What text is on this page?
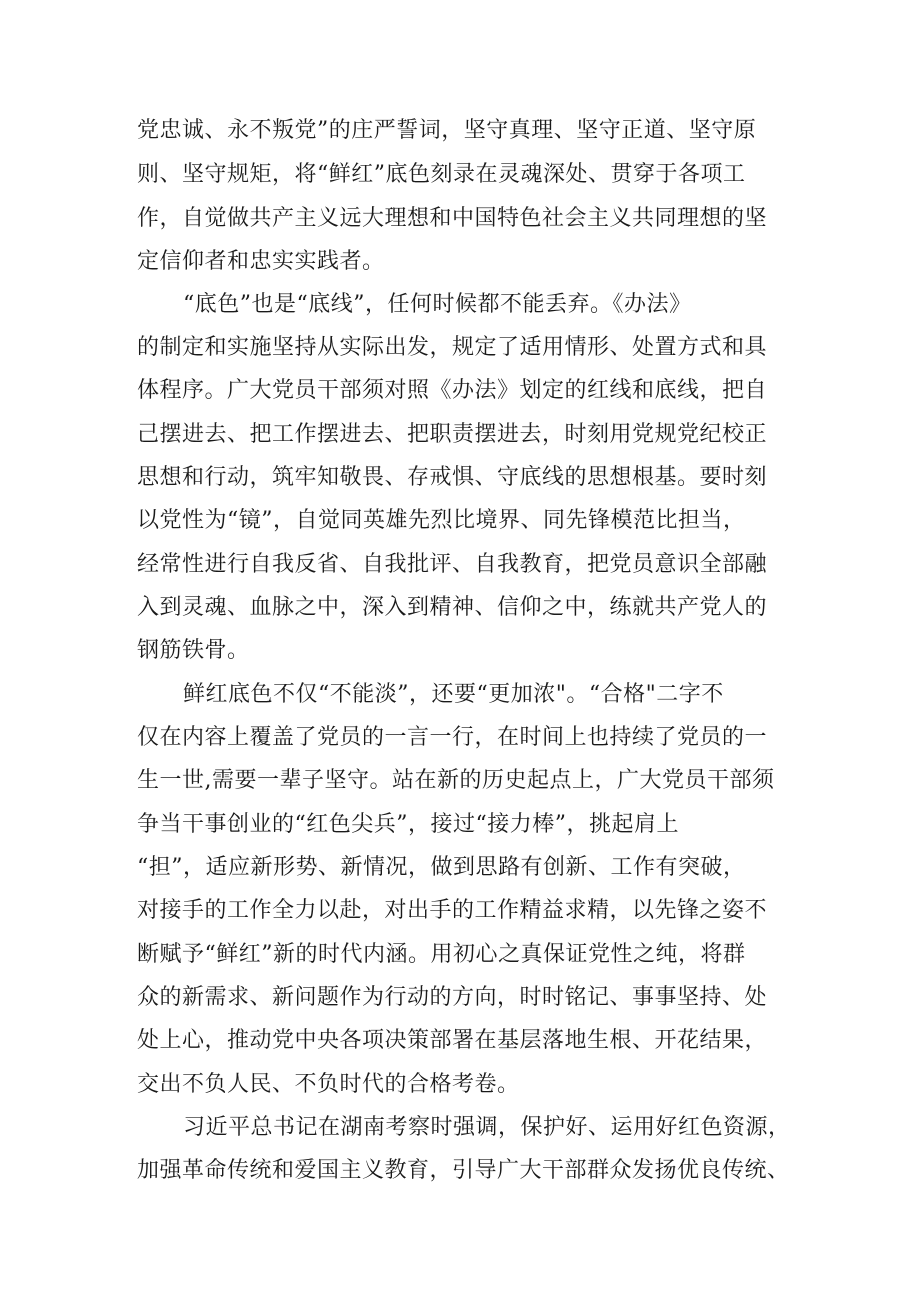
党忠诚、永不叛党”的庄严誓词，坚守真理、坚守正道、坚守原
则、坚守规矩，将“鲜红”底色刻录在灵魂深处、贯穿于各项工
作，自觉做共产主义远大理想和中国特色社会主义共同理想的坚
定信仰者和忠实实践者。
“底色”也是“底线”，任何时候都不能丢弃。《办法》
的制定和实施坚持从实际出发，规定了适用情形、处置方式和具
体程序。广大党员干部须对照《办法》划定的红线和底线，把自
己摆进去、把工作摆进去、把职责摆进去，时刻用党规党纪校正
思想和行动，筑牢知敬畏、存戒惧、守底线的思想根基。要时刻
以党性为“镜”，自觉同英雄先烈比境界、同先锋模范比担当，
经常性进行自我反省、自我批评、自我教育，把党员意识全部融
入到灵魂、血脉之中，深入到精神、信仰之中，练就共产党人的
钢筋铁骨。
鲜红底色不仅“不能淡”，还要“更加浓"。“合格"二字不
仅在内容上覆盖了党员的一言一行，在时间上也持续了党员的一
生一世,需要一辈子坚守。站在新的历史起点上，广大党员干部须
争当干事创业的“红色尖兵”，接过“接力棒”，挑起肩上
“担”，适应新形势、新情况，做到思路有创新、工作有突破，
对接手的工作全力以赴，对出手的工作精益求精，以先锋之姿不
断赋予“鲜红”新的时代内涵。用初心之真保证党性之纯，将群
众的新需求、新问题作为行动的方向，时时铭记、事事坚持、处
处上心，推动党中央各项决策部署在基层落地生根、开花结果，
交出不负人民、不负时代的合格考卷。
习近平总书记在湖南考察时强调，保护好、运用好红色资源，
加强革命传统和爱国主义教育，引导广大干部群众发扬优良传统、
